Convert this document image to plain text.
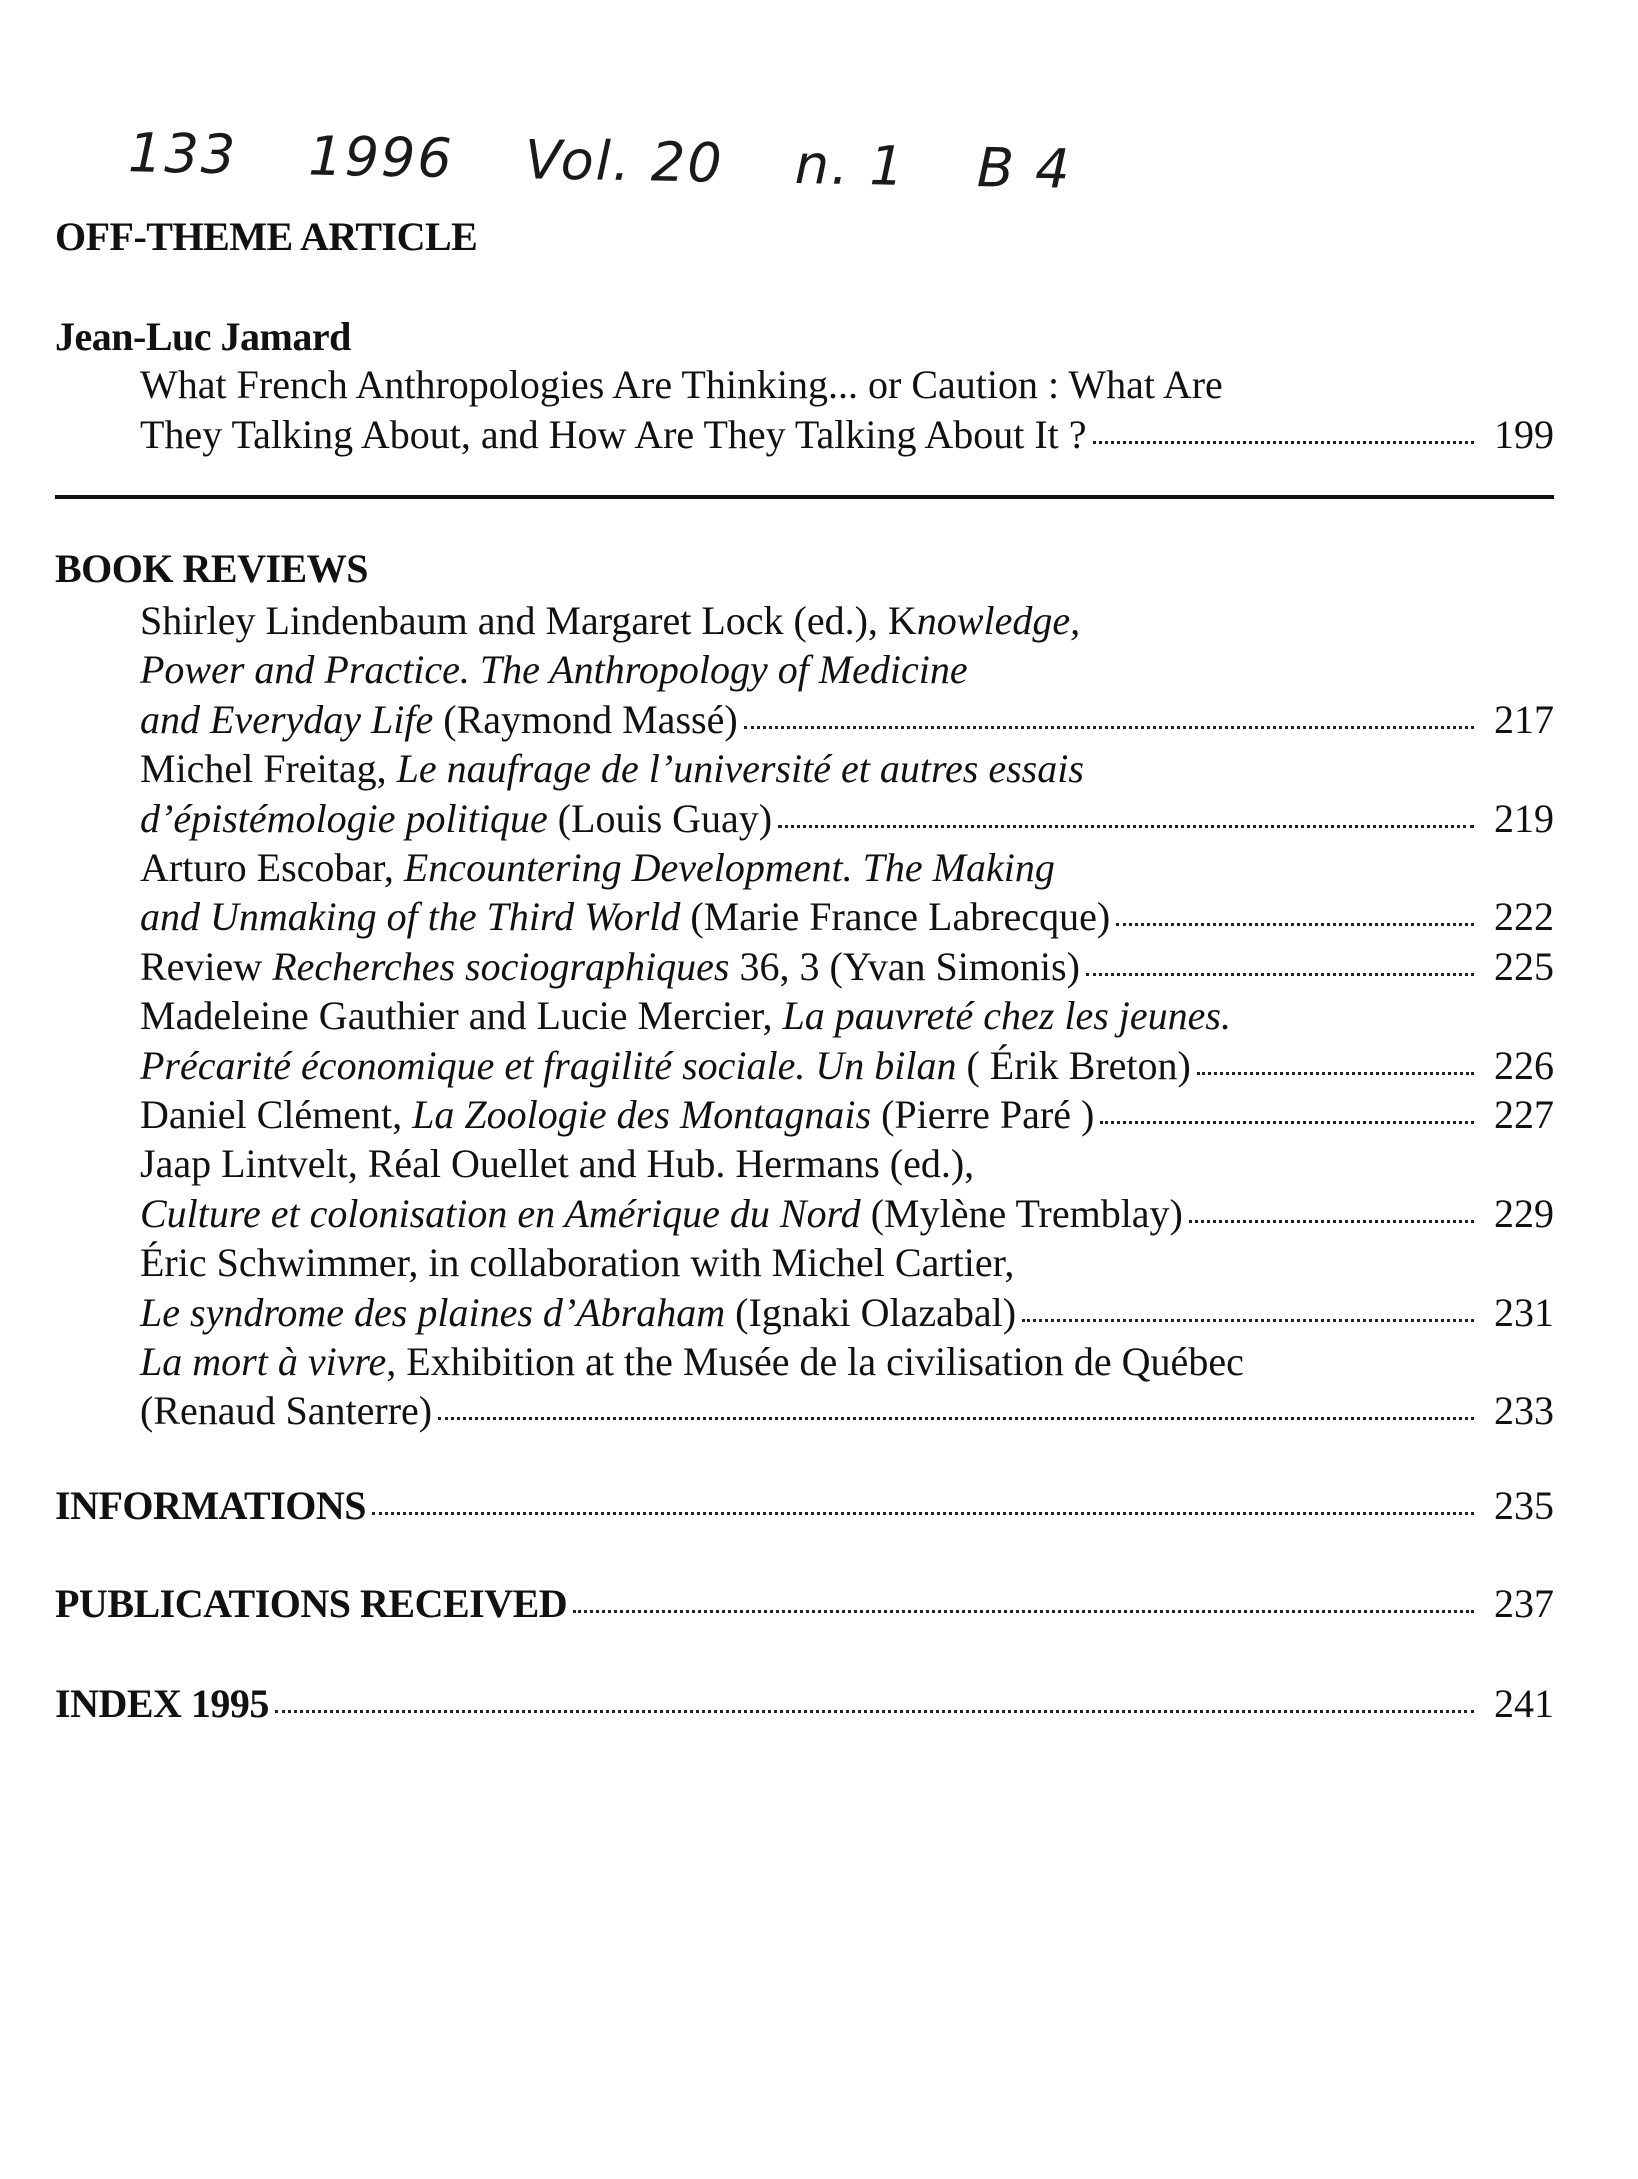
133 1996 Vol. 20 n. 1 B 4
OFF-THEME ARTICLE
Jean-Luc Jamard
What French Anthropologies Are Thinking... or Caution : What Are
They Talking About, and How Are They Talking About It ?	199
BOOK REVIEWS
Shirley Lindenbaum and Margaret Lock (ed.), Knowledge,
Power and Practice. The Anthropology of Medicine
and Everyday Life (Raymond Massé)	217
Michel Freitag, Le naufrage de l’université et autres essais
d’épistémologie politique (Louis Guay)	219
Arturo Escobar, Encountering Development. The Making
and Unmaking of the Third World (Marie France Labrecque)	222
Review Recherches sociographiques 36, 3 (Yvan Simonis)	225
Madeleine Gauthier and Lucie Mercier, La pauvreté chez les jeunes.
Précarité économique et fragilité sociale. Un bilan ( Érik Breton)	226
Daniel Clément, La Zoologie des Montagnais (Pierre Paré )	227
Jaap Lintvelt, Réal Ouellet and Hub. Hermans (ed.),
Culture et colonisation en Amérique du Nord (Mylène Tremblay)	229
Éric Schwimmer, in collaboration with Michel Cartier,
Le syndrome des plaines d’Abraham (Ignaki Olazabal)	231
La mort à vivre, Exhibition at the Musée de la civilisation de Québec
(Renaud Santerre)	233
INFORMATIONS	235
PUBLICATIONS RECEIVED	237
INDEX 1995	241
